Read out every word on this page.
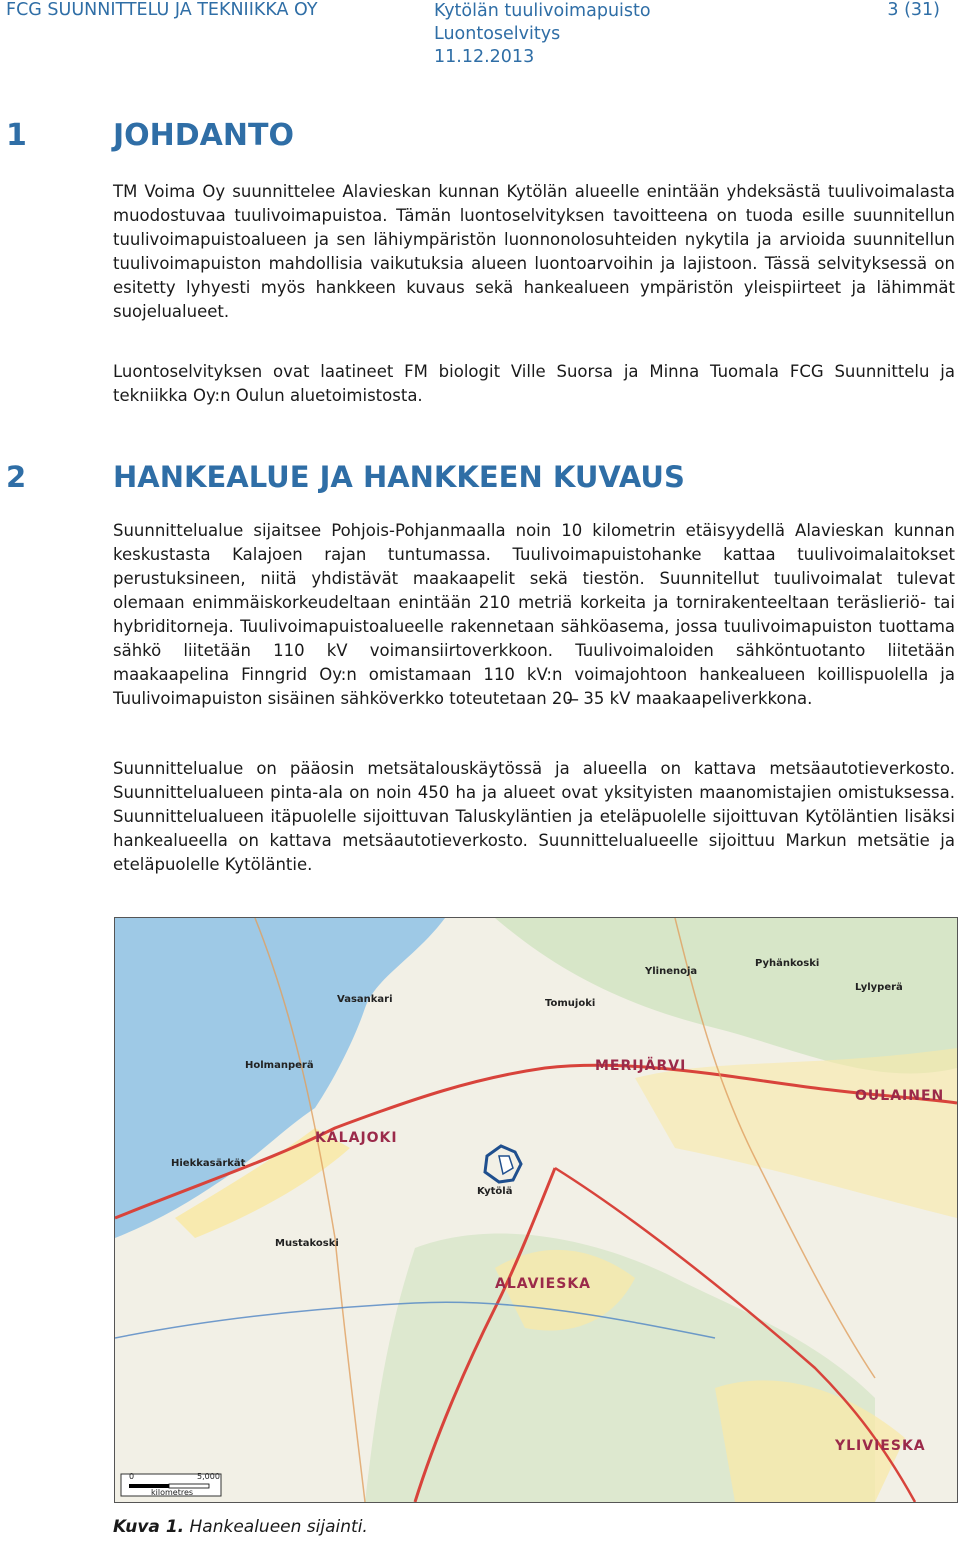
FCG SUUNNITTELU JA TEKNIIKKA OY	Kytölän tuulivoimapuisto
Luontoselvitys
11.12.2013
3 (31)
1	JOHDANTO

TM Voima Oy suunnittelee Alavieskan kunnan Kytölän alueelle enintään yhdeksästä tuulivoimalasta muodostuvaa tuulivoimapuistoa. Tämän luontoselvityksen tavoitteena on tuoda esille suunnitellun tuulivoimapuistoalueen ja sen lähiympäristön luonnonolosuhteiden nykytila ja arvioida suunnitellun tuulivoimapuiston mahdollisia vaikutuksia alueen luontoarvoihin ja lajistoon. Tässä selvityksessä on esitetty lyhyesti myös hankkeen kuvaus sekä hankealueen ympäristön yleispiirteet ja lähimmät suojelualueet.

Luontoselvityksen ovat laatineet FM biologit Ville Suorsa ja Minna Tuomala FCG Suunnittelu ja tekniikka Oy:n Oulun aluetoimistosta.

2	HANKEALUE JA HANKKEEN KUVAUS

Suunnittelualue sijaitsee Pohjois-Pohjanmaalla noin 10 kilometrin etäisyydellä Alavieskan kunnan keskustasta Kalajoen rajan tuntumassa. Tuulivoimapuistohanke kattaa tuulivoimalaitokset perustuksineen, niitä yhdistävät maakaapelit sekä tiestön. Suunnitellut tuulivoimalat tulevat olemaan enimmäiskorkeudeltaan enintään 210 metriä korkeita ja tornirakenteeltaan teräslieriö- tai hybriditorneja. Tuulivoimapuistoalueelle rakennetaan sähköasema, jossa tuulivoimapuiston tuottama sähkö liitetään 110 kV voimansiirtoverkkoon. Tuulivoimaloiden sähköntuotanto liitetään maakaapelina Finngrid Oy:n omistamaan 110 kV:n voimajohtoon hankealueen koillispuolella ja Tuulivoimapuiston sisäinen sähköverkko toteutetaan 20 ̶ 35 kV maakaapeliverkkona.

Suunnittelualue on pääosin metsätalouskäytössä ja alueella on kattava metsäautotieverkosto. Suunnittelualueen pinta-ala on noin 450 ha ja alueet ovat yksityisten maanomistajien omistuksessa. Suunnittelualueen itäpuolelle sijoittuvan Taluskyläntien ja eteläpuolelle sijoittuvan Kytöläntien lisäksi hankealueella on kattava metsäautotieverkosto. Suunnittelualueelle sijoittuu Markun metsätie ja eteläpuolelle Kytöläntie.

KALAJOKI
MERIJÄRVI
OULAINEN
ALAVIESKA
YLIVIESKA
Vasankari
Hiekkasärkät
Holmanperä
Kytölä
Tomujoki
Ylinenoja
Pyhänkoski
Lylyperä
Mustakoski
0	5,000
kilometres
Kuva 1. Hankealueen sijainti.
